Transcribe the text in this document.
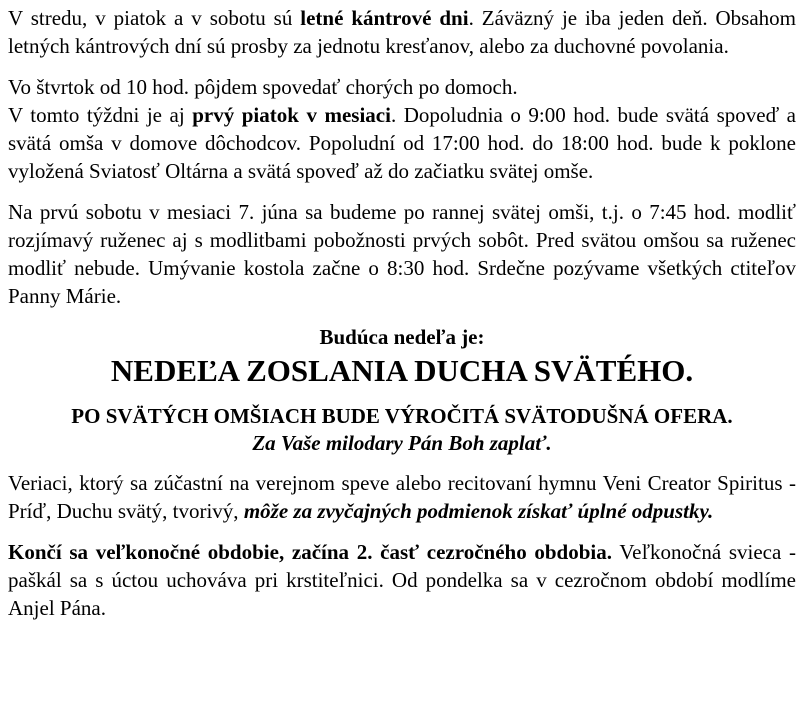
V stredu, v piatok a v sobotu sú letné kántrové dni. Záväzný je iba jeden deň. Obsahom letných kántrových dní sú prosby za jednotu kresťanov, alebo za duchovné povolania.

Vo štvrtok od 10 hod. pôjdem spovedať chorých po domoch.

V tomto týždni je aj prvý piatok v mesiaci. Dopoludnia o 9:00 hod. bude svätá spoveď a svätá omša v domove dôchodcov. Popoludní od 17:00 hod. do 18:00 hod. bude k poklone vyložená Sviatosť Oltárna a svätá spoveď až do začiatku svätej omše.

Na prvú sobotu v mesiaci 7. júna sa budeme po rannej svätej omši, t.j. o 7:45 hod. modliť rozjímavý ruženec aj s modlitbami pobožnosti prvých sobôt. Pred svätou omšou sa ruženec modliť nebude. Umývanie kostola začne o 8:30 hod. Srdečne pozývame všetkých ctiteľov Panny Márie.

Budúca nedeľa je:
NEDEĽA ZOSLANIA DUCHA SVÄTÉHO.
PO SVÄTÝCH OMŠIACH BUDE VÝROČITÁ SVÄTODUŠNÁ OFERA.
Za Vaše milodary Pán Boh zaplať.

Veriaci, ktorý sa zúčastní na verejnom speve alebo recitovaní hymnu Veni Creator Spiritus - Príď, Duchu svätý, tvorivý, môže za zvyčajných podmienok získať úplné odpustky.

Končí sa veľkonočné obdobie, začína 2. časť cezročného obdobia. Veľkonočná svieca - paškál sa s úctou uchováva pri krstiteľnici. Od pondelka sa v cezročnom období modlíme Anjel Pána.
